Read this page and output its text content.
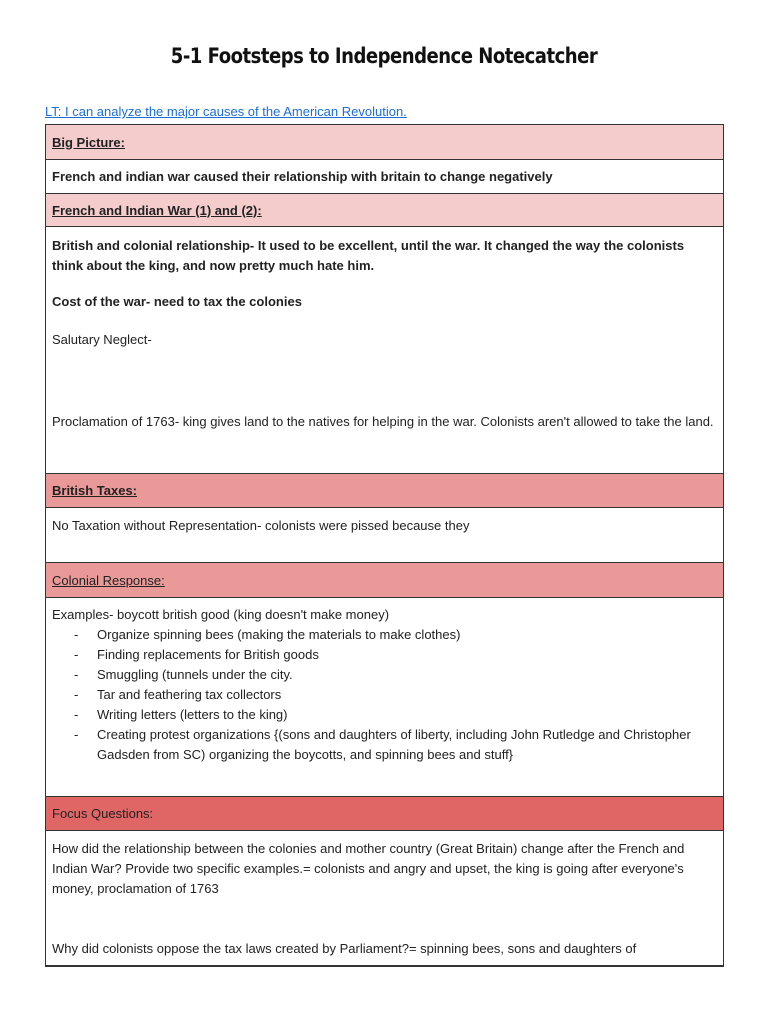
5-1 Footsteps to Independence Notecatcher
LT: I can analyze the major causes of the American Revolution.
Big Picture:
French and indian war caused their relationship with britain to change negatively
French and Indian War (1) and (2):

British and colonial relationship- It used to be excellent, until the war. It changed the way the colonists think about the king, and now pretty much hate him.

Cost of the war- need to tax the colonies

Salutary Neglect-

Proclamation of 1763- king gives land to the natives for helping in the war. Colonists aren't allowed to take the land.

British Taxes:

No Taxation without Representation- colonists were pissed because they

Colonial Response:

Examples- boycott british good (king doesn't make money)

- Organize spinning bees (making the materials to make clothes)
- Finding replacements for British goods
- Smuggling (tunnels under the city.
- Tar and feathering tax collectors
- Writing letters (letters to the king)
- Creating protest organizations {(sons and daughters of liberty, including John Rutledge and Christopher Gadsden from SC) organizing the boycotts, and spinning bees and stuff}
Focus Questions:

How did the relationship between the colonies and mother country (Great Britain) change after the French and Indian War? Provide two specific examples.= colonists and angry and upset, the king is going after everyone's money, proclamation of 1763

Why did colonists oppose the tax laws created by Parliament?= spinning bees, sons and daughters of
